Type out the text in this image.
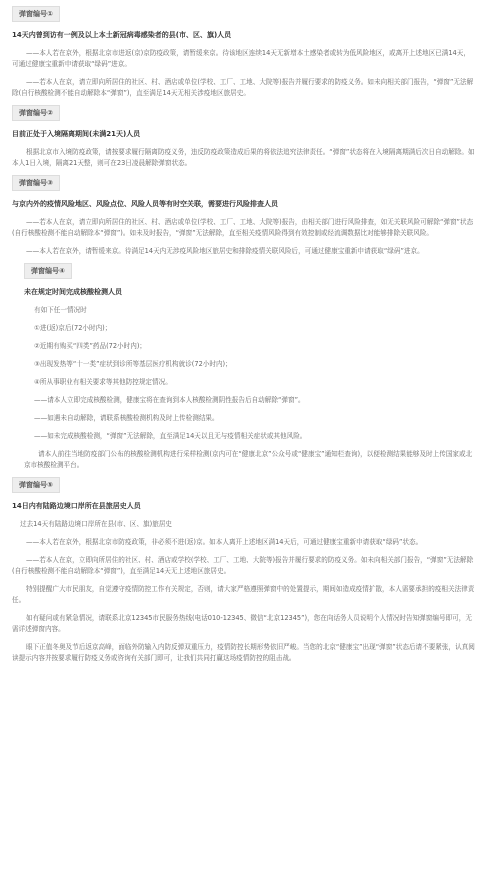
弹窗编号①
14天内曾到访有一例及以上本土新冠病毒感染者的县(市、区、旗)人员
——本人若在京外，根据北京市进返(京)京防疫政策，请暂缓来京。待该地区连续14天无新增本土感染者或转为低风险地区，或离开上述地区已满14天，可通过健康宝重新申请获取“绿码”进京。
——若本人在京，请立即向所居住的社区、村、酒店或单位(学校、工厂、工地、大院等)报告并履行要求的防疫义务。如未向相关部门报告，“弹窗”无法解除(自行核酸检测不能自动解除本“弹窗”)，直至满足14天无相关涉疫地区旅居史。
弹窗编号②
目前正处于入境隔离期间(未满21天)人员
根据北京市入境防疫政策，请按要求履行隔离防疫义务，违反防疫政策造成后果的将依法追究法律责任。“弹窗”状态将在入境隔离期满后次日自动解除。如本人1日入境，隔离21天整，则可在23日凌晨解除弹窗状态。
弹窗编号③
与京内外的疫情风险地区、风险点位、风险人员等有时空关联，需要进行风险排查人员
——若本人在京，请立即向所居住的社区、村、酒店或单位(学校、工厂、工地、大院等)报告，由相关部门进行风险排查，如无关联风险可解除“弹窗”状态(自行核酸检测不能自动解除本“弹窗”)。如未及时报告，“弹窗”无法解除，直至相关疫情风险得到有效控制或经流调数据比对能够排除关联风险。
——本人若在京外，请暂缓来京。待满足14天内无涉疫风险地区旅居史和排除疫情关联风险后，可通过健康宝重新申请获取“绿码”进京。
弹窗编号④
未在规定时间完成核酸检测人员
有如下任一情况时
①进(返)京后(72小时内)；
②近期有购买“四类”药品(72小时内)；
③出现发热等“十一类”症状到诊所等基层医疗机构就诊(72小时内)；
④所从事职业有相关要求等其他防控规定情况。
——请本人立即完成核酸检测，健康宝将在查询到本人核酸检测阴性报告后自动解除“弹窗”。
——如遇未自动解除，请联系核酸检测机构及时上传检测结果。
——如未完成核酸检测，“弹窗”无法解除，直至满足14天以且无与疫情相关症状或其他风险。
请本人前往当地防疫部门公布的核酸检测机构进行采样检测(京内可在“健康北京”公众号或“健康宝”通知栏查询)，以便检测结果能够及时上传国家或北京市核酸检测平台。
弹窗编号⑤
14日内有陆路边境口岸所在县旅居史人员
过去14天有陆路边境口岸所在县(市、区、旗)旅居史
——本人若在京外，根据北京市防疫政策，非必须不进(返)京。如本人离开上述地区满14天后，可通过健康宝重新申请获取“绿码”状态。
——若本人在京，立即向所居住的社区、村、酒店或学校(学校、工厂、工地、大院等)报告并履行要求的防疫义务。如未向相关部门报告，“弹窗”无法解除(自行核酸检测不能自动解除本“弹窗”)，直至满足14天无上述地区旅居史。
特别提醒广大市民朋友，自觉遵守疫情防控工作有关规定，否则，请大家严格遵照弹窗中的处置提示，期间如造成疫情扩散，本人需要承担的疫相关法律责任。
如有疑问或有紧急情况，请联系北京12345市民服务热线(电话010-12345、微信“北京12345”)，您在向话务人员说明个人情况时告知弹窗编号即可，无需详述弹窗内容。
眼下正值冬奥及节后返京高峰，面临外防输入内防反弹双重压力，疫情防控长期形势依旧严峻。当您的北京“健康宝”出现“弹窗”状态后请不要紧张，认真阅读提示内容并按要求履行防疫义务或咨询有关部门即可，让我们共同打赢这场疫情防控的阻击战。
